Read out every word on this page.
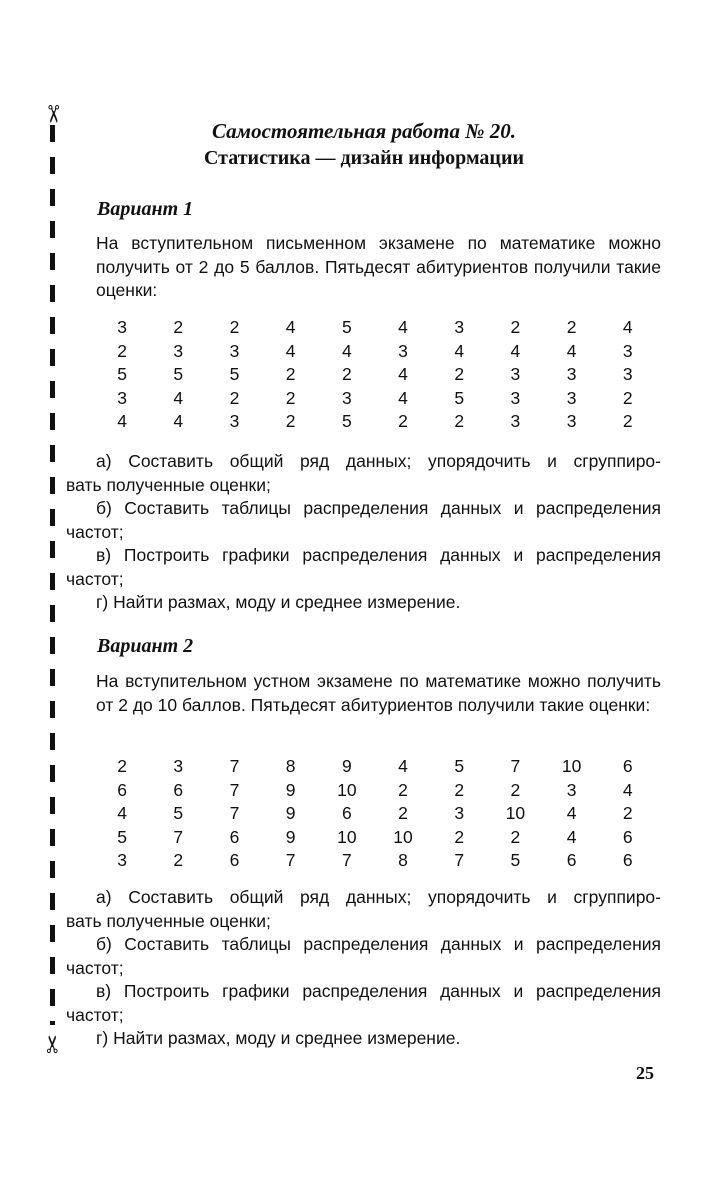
✂
✂
Самостоятельная работа № 20.
Статистика — дизайн информации
Вариант 1
На вступительном письменном экзамене по математике можно получить от 2 до 5 баллов. Пятьдесят абитуриентов получили такие оценки:
3	2	2	4	5	4	3	2	2	4
2	3	3	4	4	3	4	4	4	3
5	5	5	2	2	4	2	3	3	3
3	4	2	2	3	4	5	3	3	2
4	4	3	2	5	2	2	3	3	2
а) Составить общий ряд данных; упорядочить и сгруппиро-
вать полученные оценки;
б) Составить таблицы распределения данных и распределения
частот;
в) Построить графики распределения данных и распределения
частот;
г) Найти размах, моду и среднее измерение.
Вариант 2
На вступительном устном экзамене по математике можно получить от 2 до 10 баллов. Пятьдесят абитуриентов получили такие оценки:
2	3	7	8	9	4	5	7	10	6
6	6	7	9	10	2	2	2	3	4
4	5	7	9	6	2	3	10	4	2
5	7	6	9	10	10	2	2	4	6
3	2	6	7	7	8	7	5	6	6
а) Составить общий ряд данных; упорядочить и сгруппиро-
вать полученные оценки;
б) Составить таблицы распределения данных и распределения
частот;
в) Построить графики распределения данных и распределения
частот;
г) Найти размах, моду и среднее измерение.
25
